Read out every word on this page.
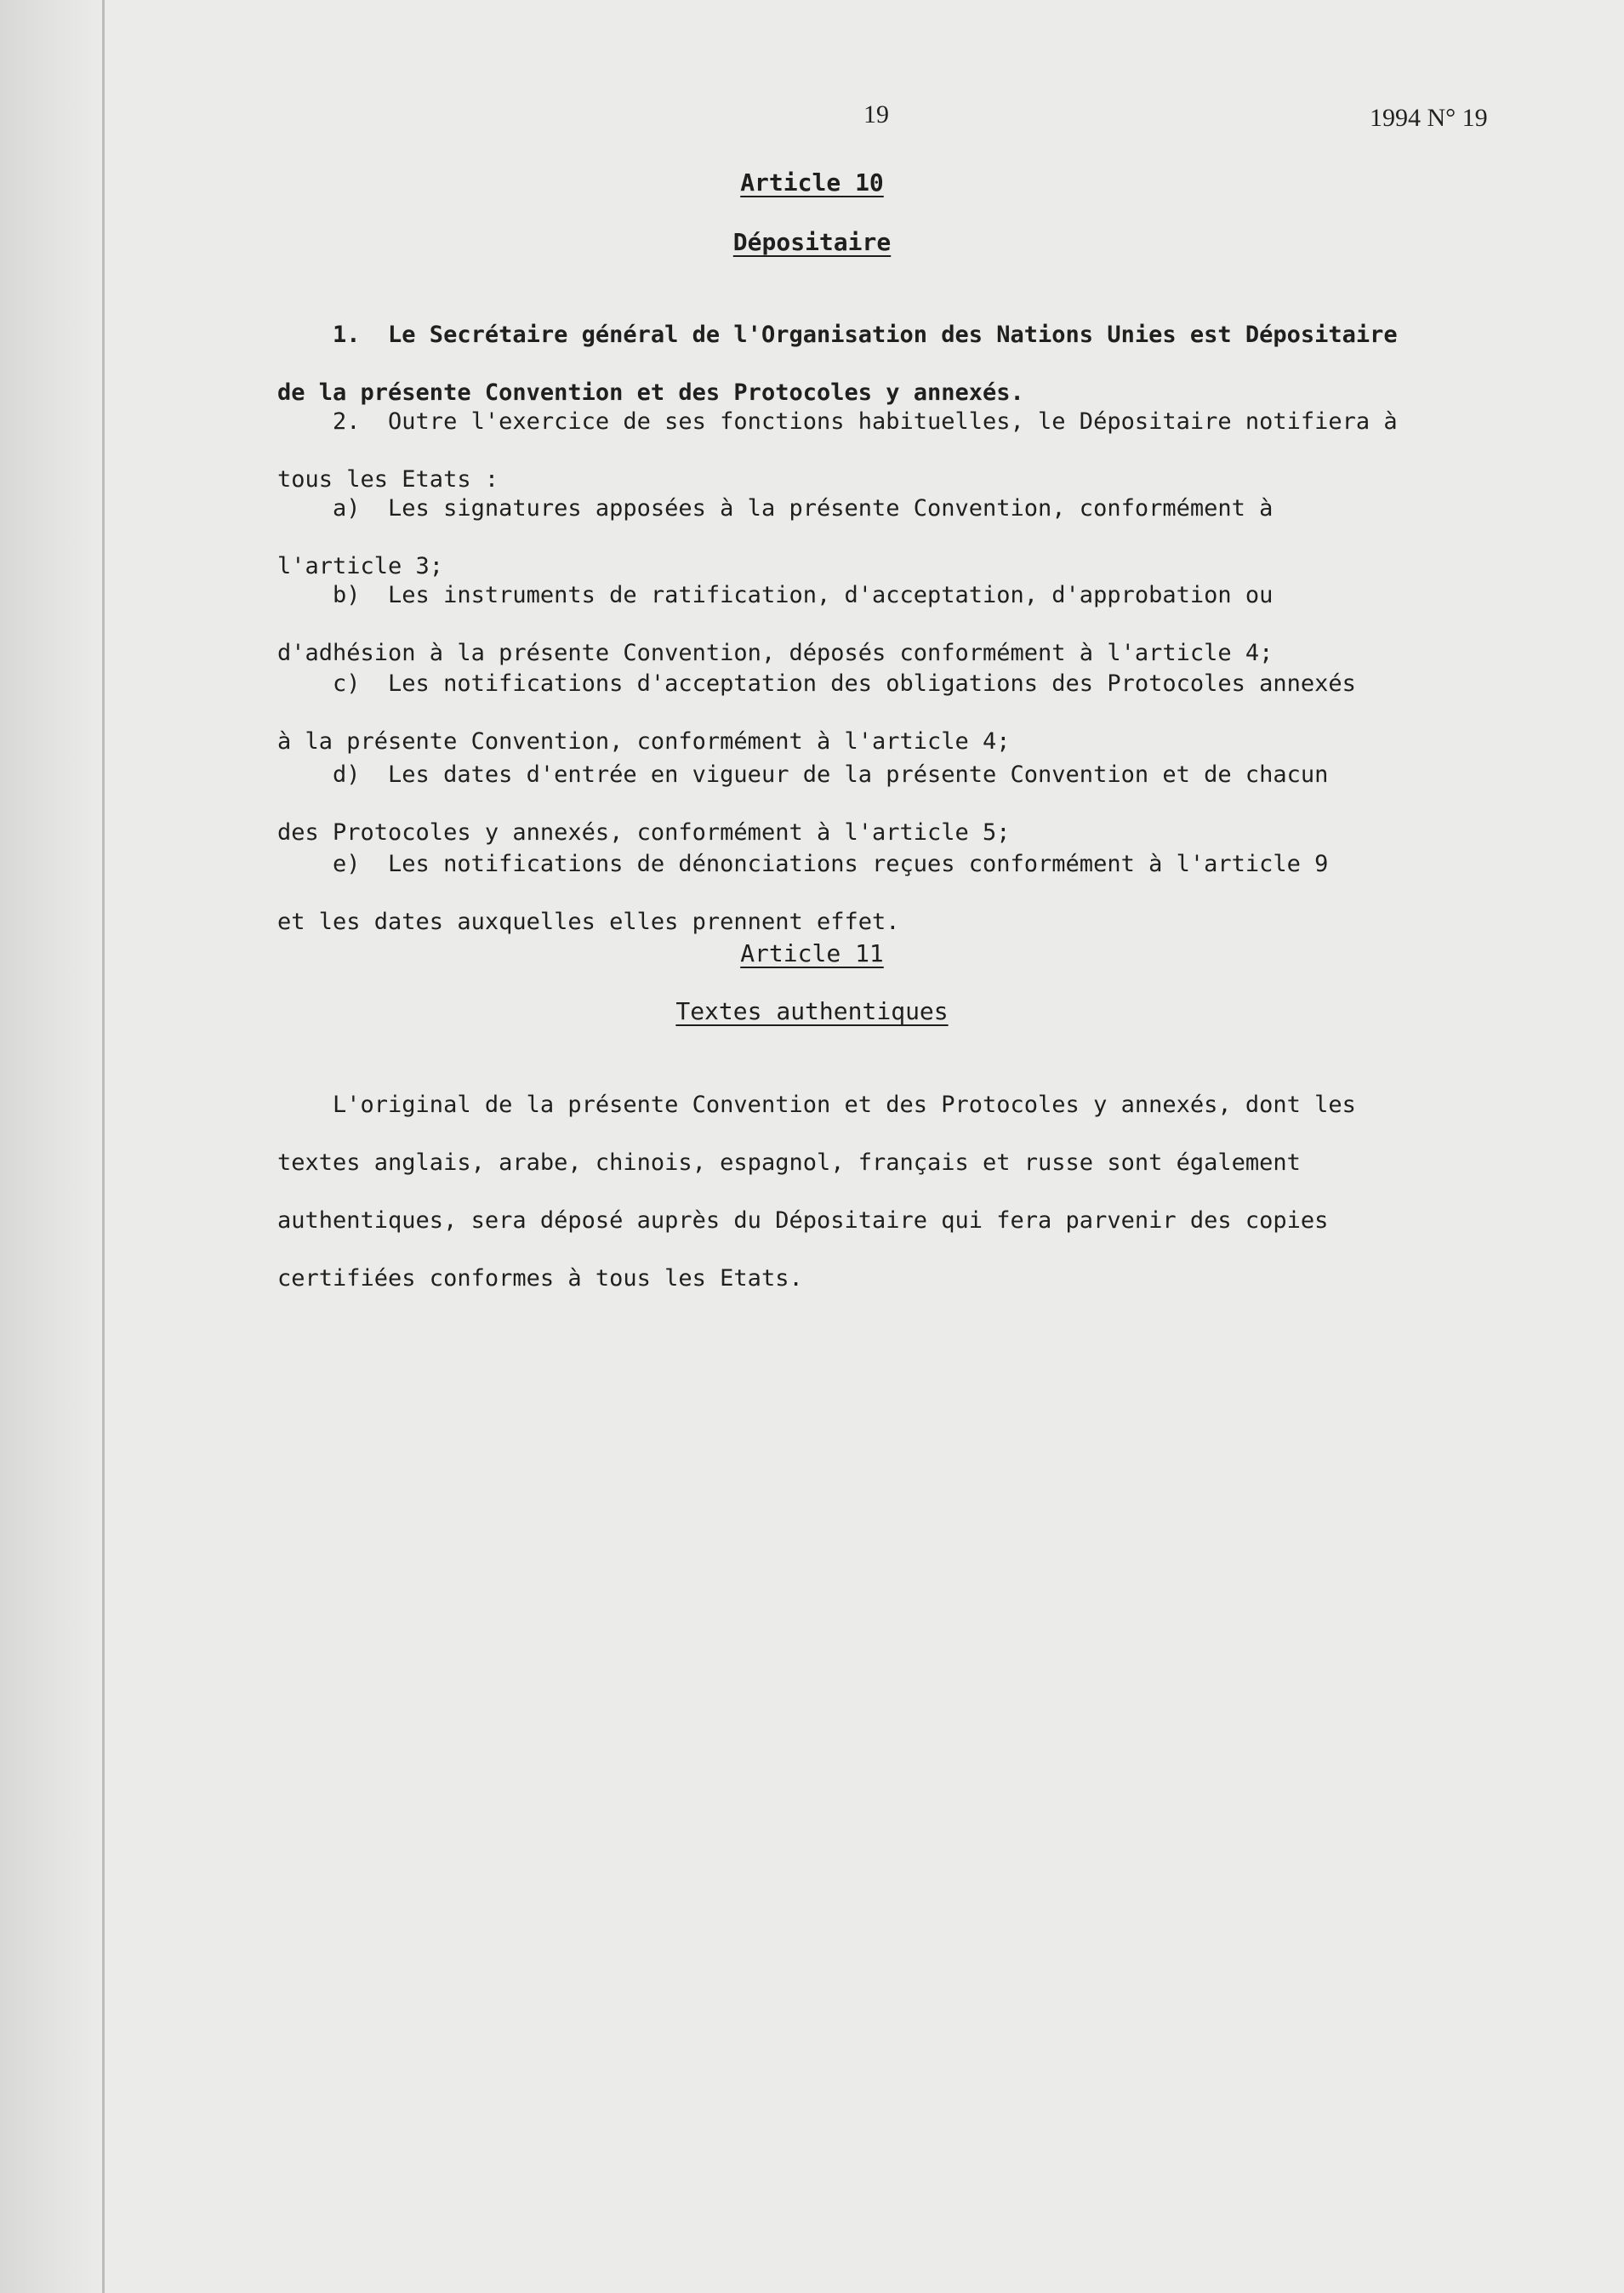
19	1994 N° 19
Article 10
Dépositaire

1.  Le Secrétaire général de l'Organisation des Nations Unies est Dépositaire

de la présente Convention et des Protocoles y annexés.

2.  Outre l'exercice de ses fonctions habituelles, le Dépositaire notifiera à

tous les Etats :

a)  Les signatures apposées à la présente Convention, conformément à

l'article 3;

b)  Les instruments de ratification, d'acceptation, d'approbation ou

d'adhésion à la présente Convention, déposés conformément à l'article 4;

c)  Les notifications d'acceptation des obligations des Protocoles annexés

à la présente Convention, conformément à l'article 4;

d)  Les dates d'entrée en vigueur de la présente Convention et de chacun

des Protocoles y annexés, conformément à l'article 5;

e)  Les notifications de dénonciations reçues conformément à l'article 9

et les dates auxquelles elles prennent effet.

Article 11
Textes authentiques

L'original de la présente Convention et des Protocoles y annexés, dont les

textes anglais, arabe, chinois, espagnol, français et russe sont également

authentiques, sera déposé auprès du Dépositaire qui fera parvenir des copies

certifiées conformes à tous les Etats.
